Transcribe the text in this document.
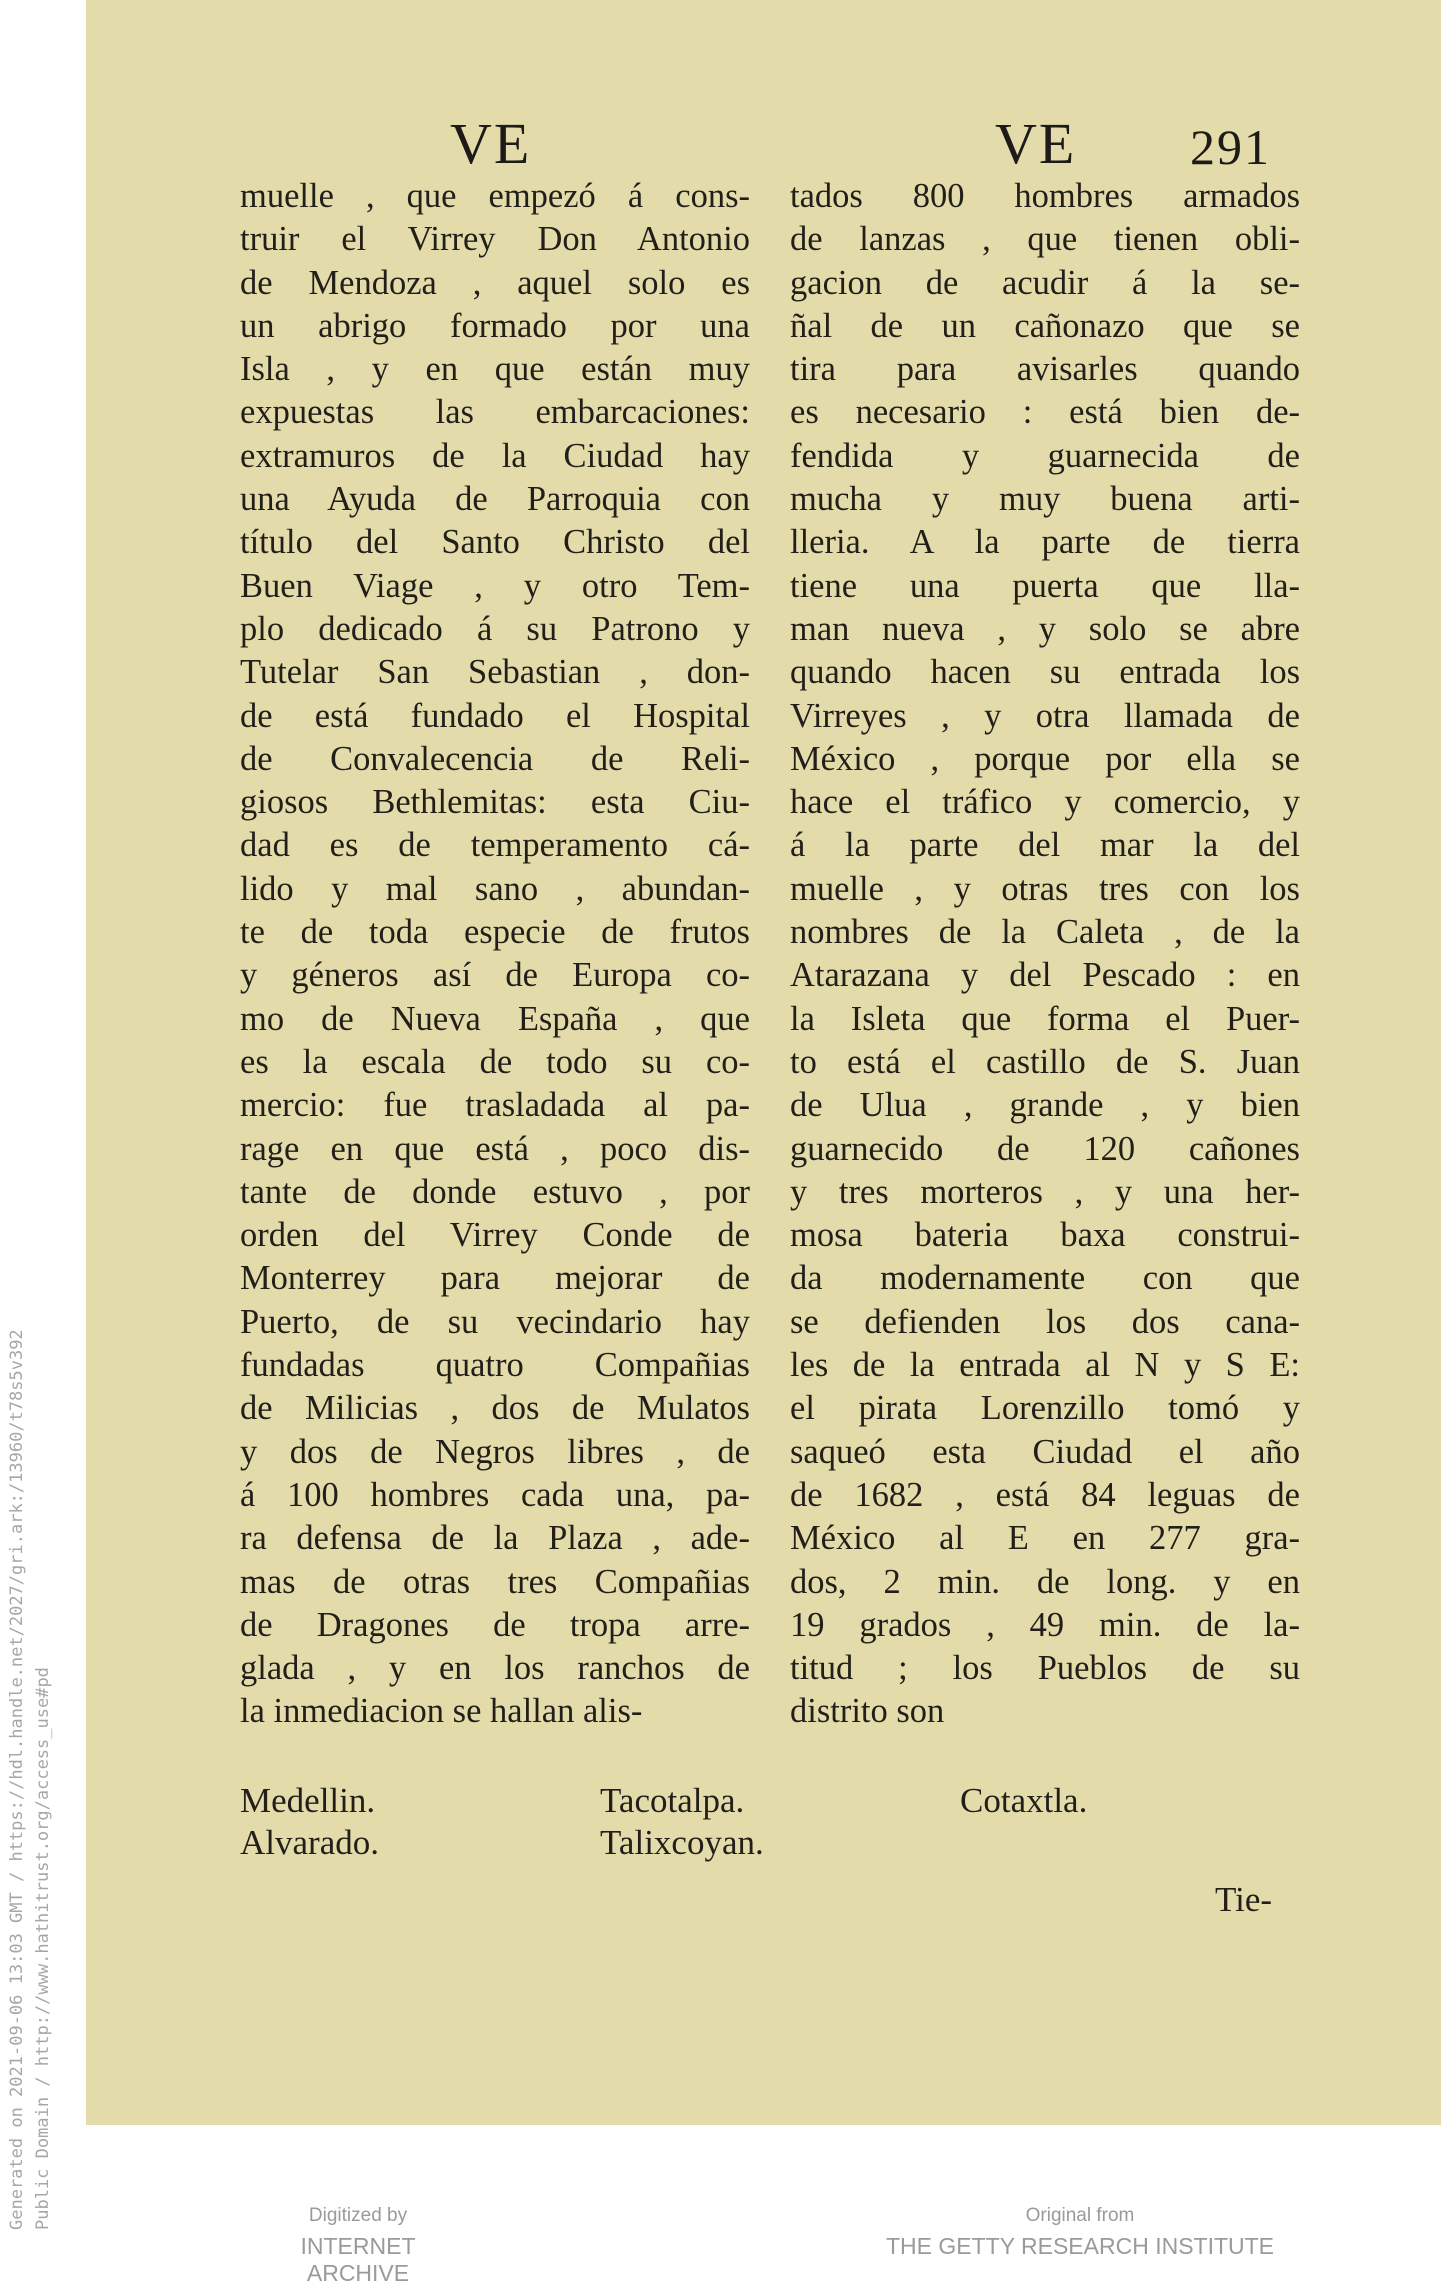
Generated on 2021-09-06 13:03 GMT / https://hdl.handle.net/2027/gri.ark:/13960/t78s5v392 Public Domain / http://www.hathitrust.org/access_use#pd
VE	VE 291
muelle , que empezó á cons-
truir el Virrey Don Antonio
de Mendoza , aquel solo es
un abrigo formado por una
Isla , y en que están muy
expuestas las embarcaciones:
extramuros de la Ciudad hay
una Ayuda de Parroquia con
título del Santo Christo del
Buen Viage , y otro Tem-
plo dedicado á su Patrono y
Tutelar San Sebastian , don-
de está fundado el Hospital
de Convalecencia de Reli-
giosos Bethlemitas: esta Ciu-
dad es de temperamento cá-
lido y mal sano , abundan-
te de toda especie de frutos
y géneros así de Europa co-
mo de Nueva España , que
es la escala de todo su co-
mercio: fue trasladada al pa-
rage en que está , poco dis-
tante de donde estuvo , por
orden del Virrey Conde de
Monterrey para mejorar de
Puerto, de su vecindario hay
fundadas quatro Compañias
de Milicias , dos de Mulatos
y dos de Negros libres , de
á 100 hombres cada una, pa-
ra defensa de la Plaza , ade-
mas de otras tres Compañias
de Dragones de tropa arre-
glada , y en los ranchos de
la inmediacion se hallan alis-
tados 800 hombres armados
de lanzas , que tienen obli-
gacion de acudir á la se-
ñal de un cañonazo que se
tira para avisarles quando
es necesario : está bien de-
fendida y guarnecida de
mucha y muy buena arti-
lleria. A la parte de tierra
tiene una puerta que lla-
man nueva , y solo se abre
quando hacen su entrada los
Virreyes , y otra llamada de
México , porque por ella se
hace el tráfico y comercio, y
á la parte del mar la del
muelle , y otras tres con los
nombres de la Caleta , de la
Atarazana y del Pescado : en
la Isleta que forma el Puer-
to está el castillo de S. Juan
de Ulua , grande , y bien
guarnecido de 120 cañones
y tres morteros , y una her-
mosa bateria baxa construi-
da modernamente con que
se defienden los dos cana-
les de la entrada al N y S E:
el pirata Lorenzillo tomó y
saqueó esta Ciudad el año
de 1682 , está 84 leguas de
México al E en 277 gra-
dos, 2 min. de long. y en
19 grados , 49 min. de la-
titud ; los Pueblos de su
distrito son
Medellin.	Tacotalpa.	Cotaxtla.
Alvarado.	Talixcoyan.
Tie-
Digitized by
INTERNET ARCHIVE
Original from
THE GETTY RESEARCH INSTITUTE
